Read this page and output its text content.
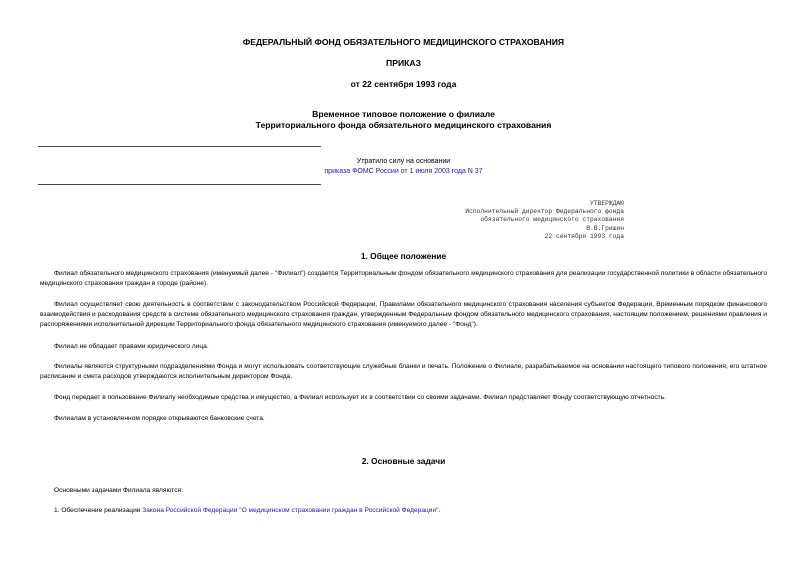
ФЕДЕРАЛЬНЫЙ ФОНД ОБЯЗАТЕЛЬНОГО МЕДИЦИНСКОГО СТРАХОВАНИЯ
ПРИКАЗ
от 22 сентября 1993 года
Временное типовое положение о филиале
Территориального фонда обязательного медицинского страхования
Утратило силу на основании
приказа ФОМС России от 1 июля 2003 года N 37
УТВЕРЖДАЮ
Исполнительный директор Федерального фонда
обязательного медицинского страхования
В.В.Гришин
22 сентября 1993 года
1. Общее положение
Филиал обязательного медицинского страхования (именуемый далее - "Филиал") создается Территориальным фондом обязательного медицинского страхования для реализации государственной политики в области обязательного медицинского страхования граждан в городе (районе).
Филиал осуществляет свою деятельность в соответствии с законодательством Российской Федерации, Правилами обязательного медицинского страхования населения субъектов Федерации, Временным порядком финансового взаимодействия и расходования средств в системе обязательного медицинского страхования граждан, утвержденным Федеральным фондом обязательного медицинского страхования, настоящим положением, решениями правления и распоряжениями исполнительной дирекции Территориального фонда обязательного медицинского страхования (именуемого далее - "Фонд").
Филиал не обладает правами юридического лица.
Филиалы являются структурными подразделениями Фонда и могут использовать соответствующие служебные бланки и печать. Положение о Филиале, разрабатываемое на основании настоящего типового положения, его штатное расписание и смета расходов утверждаются исполнительным директором Фонда.
Фонд передает в пользование Филиалу необходимые средства и имущество, а Филиал использует их в соответствии со своими задачами. Филиал представляет Фонду соответствующую отчетность.
Филиалам в установленном порядке открываются банковские счета.
2. Основные задачи
Основными задачами Филиала являются:
1. Обеспечение реализации Закона Российской Федерации "О медицинском страховании граждан в Российской Федерации".
